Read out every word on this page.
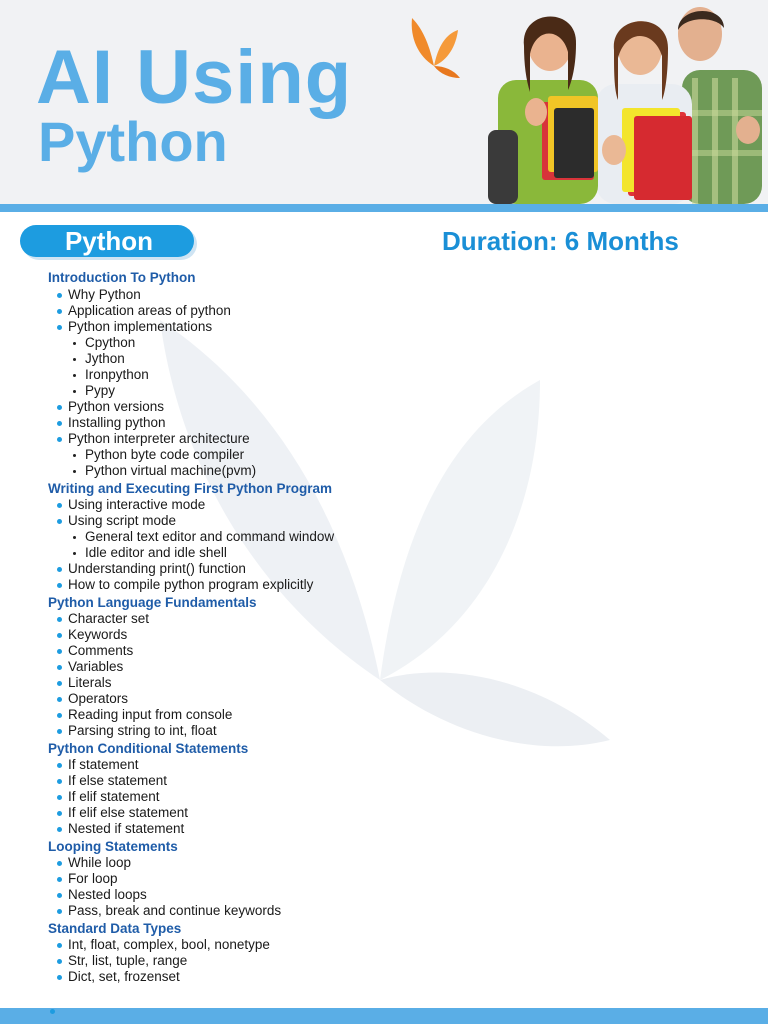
AI Using
Python
Python	Duration: 6 Months
Introduction To Python
Why Python
Application areas of python
Python implementations
Cpython
Jython
Ironpython
Pypy
Python versions
Installing python
Python interpreter architecture
Python byte code compiler
Python virtual machine(pvm)
Writing and Executing First Python Program
Using interactive mode
Using script mode
General text editor and command window
Idle editor and idle shell
Understanding print() function
How to compile python program explicitly
Python Language Fundamentals
Character set
Keywords
Comments
Variables
Literals
Operators
Reading input from console
Parsing string to int, float
Python Conditional Statements
If statement
If else statement
If elif statement
If elif else statement
Nested if statement
Looping Statements
While loop
For loop
Nested loops
Pass, break and continue keywords
Standard Data Types
Int, float, complex, bool, nonetype
Str, list, tuple, range
Dict, set, frozenset
